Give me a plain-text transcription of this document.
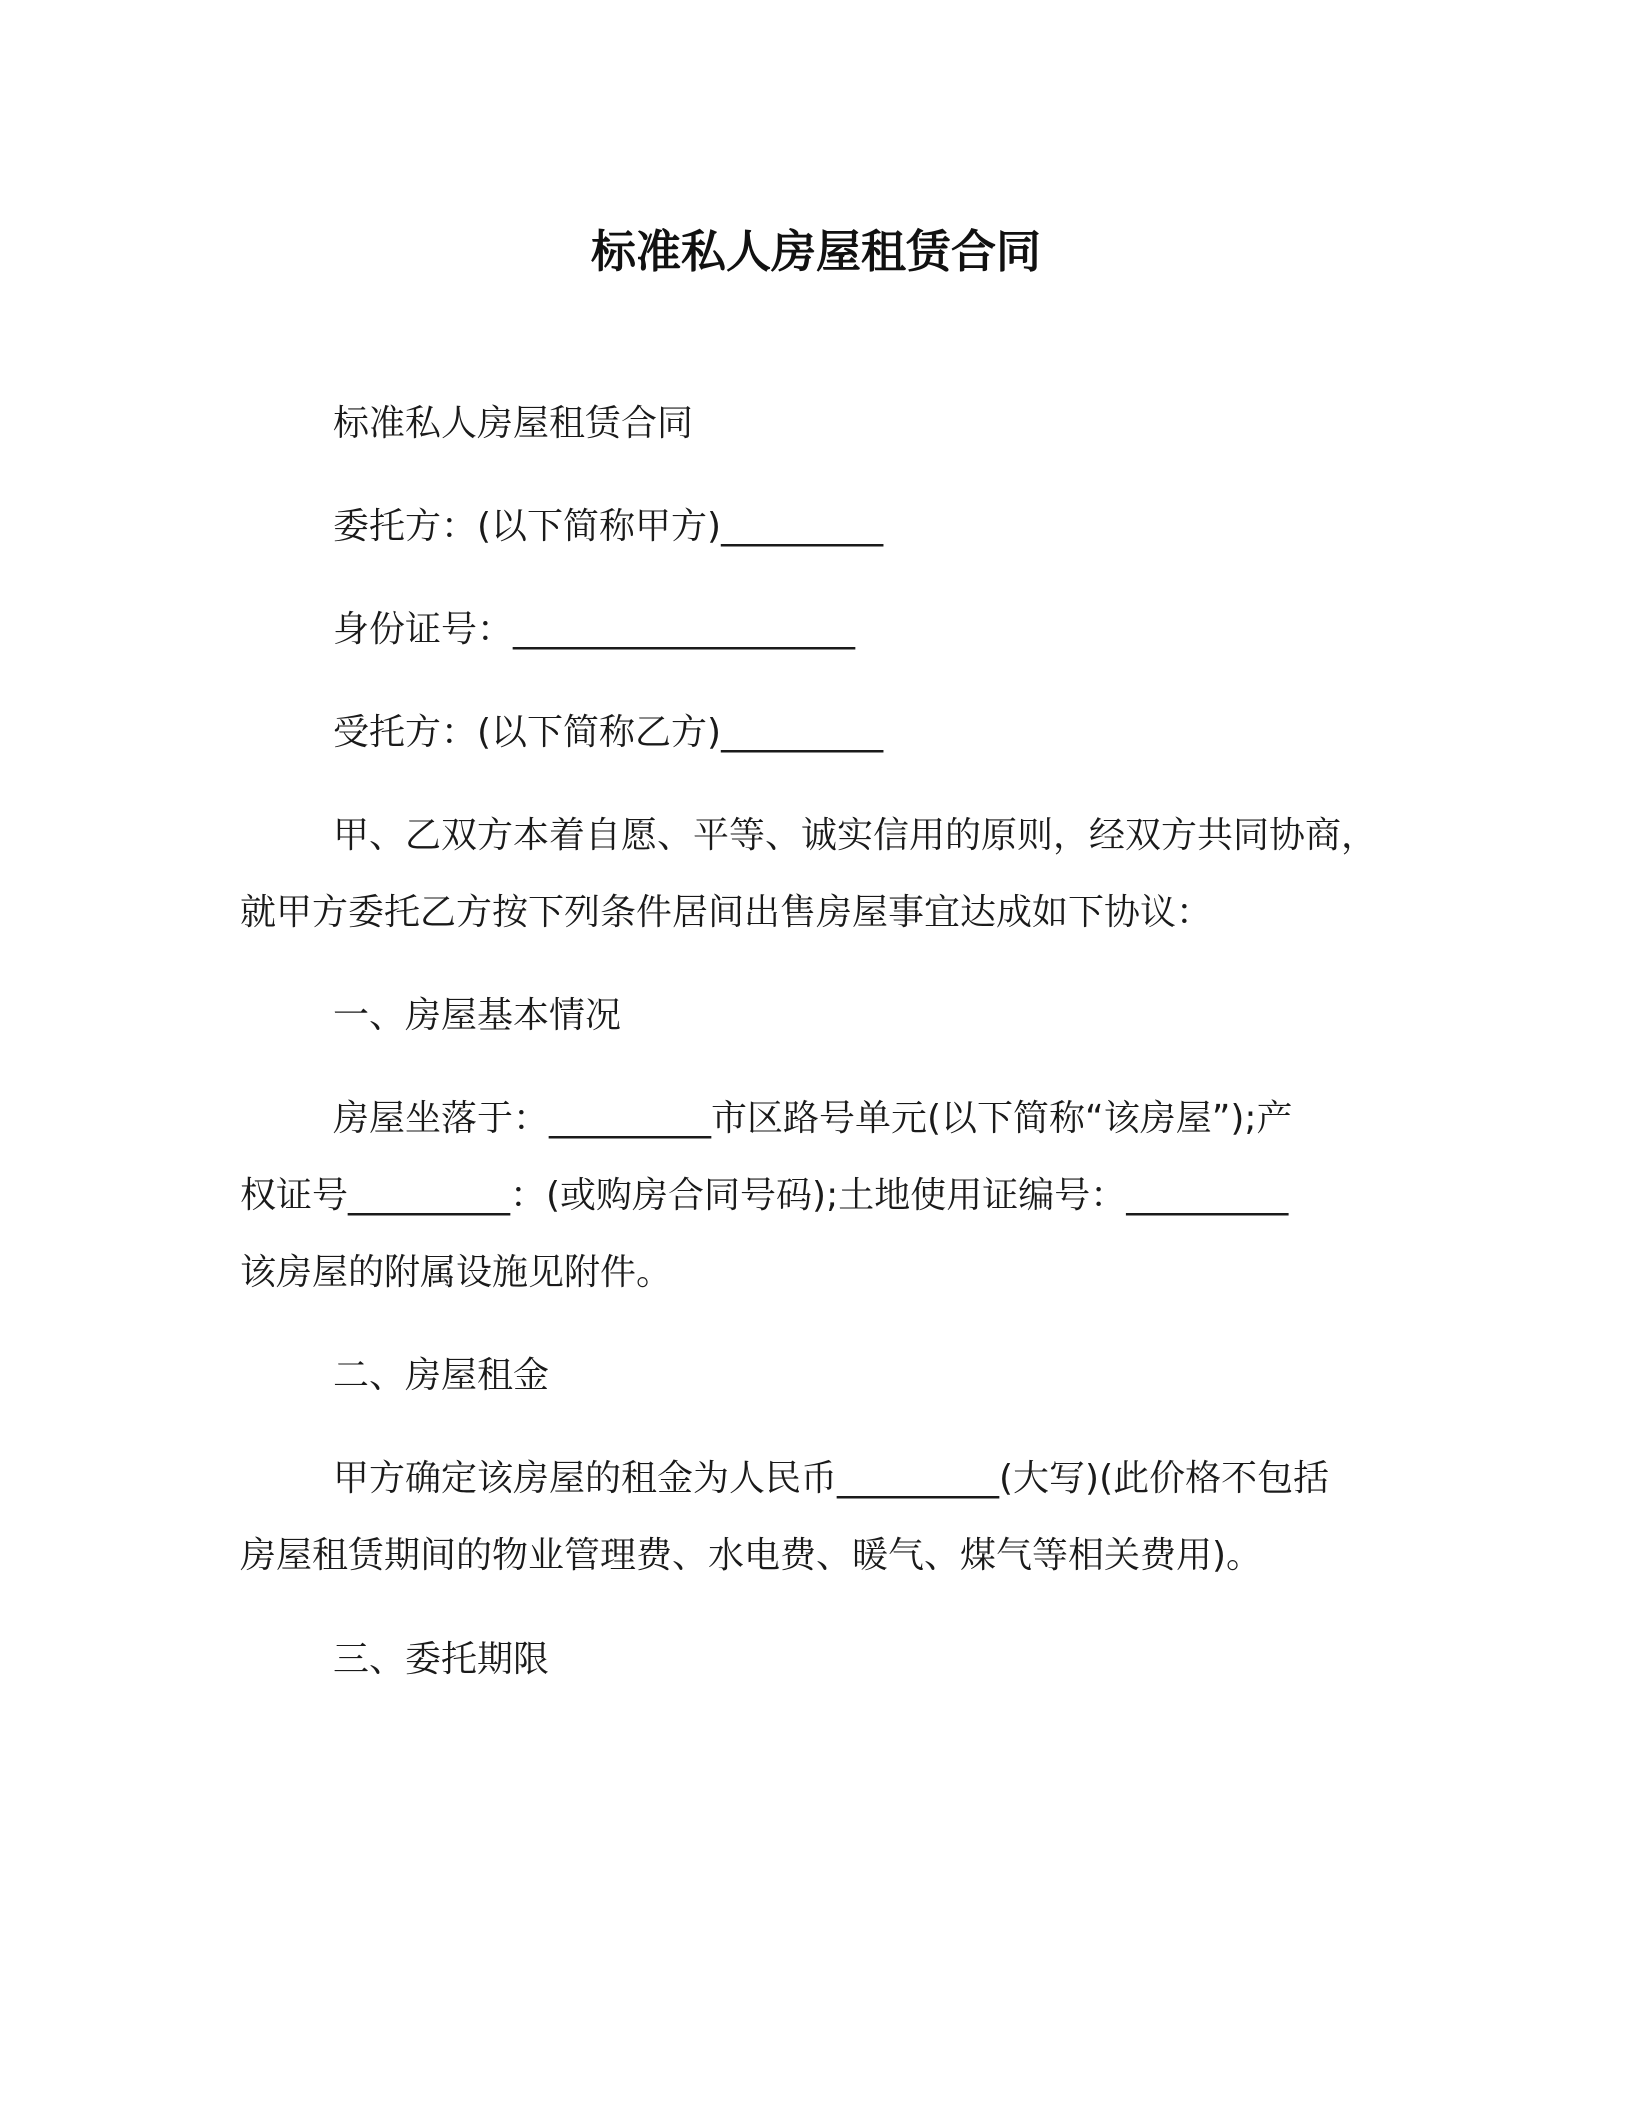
标准私人房屋租赁合同
标准私人房屋租赁合同
委托方：(以下简称甲方)_________
身份证号：___________________
受托方：(以下简称乙方)_________
甲、乙双方本着自愿、平等、诚实信用的原则，经双方共同协商，
就甲方委托乙方按下列条件居间出售房屋事宜达成如下协议：
一、房屋基本情况
房屋坐落于：_________市区路号单元(以下简称“该房屋”);产
权证号_________：(或购房合同号码);土地使用证编号：_________
该房屋的附属设施见附件。
二、房屋租金
甲方确定该房屋的租金为人民币_________(大写)(此价格不包括
房屋租赁期间的物业管理费、水电费、暖气、煤气等相关费用)。
三、委托期限
